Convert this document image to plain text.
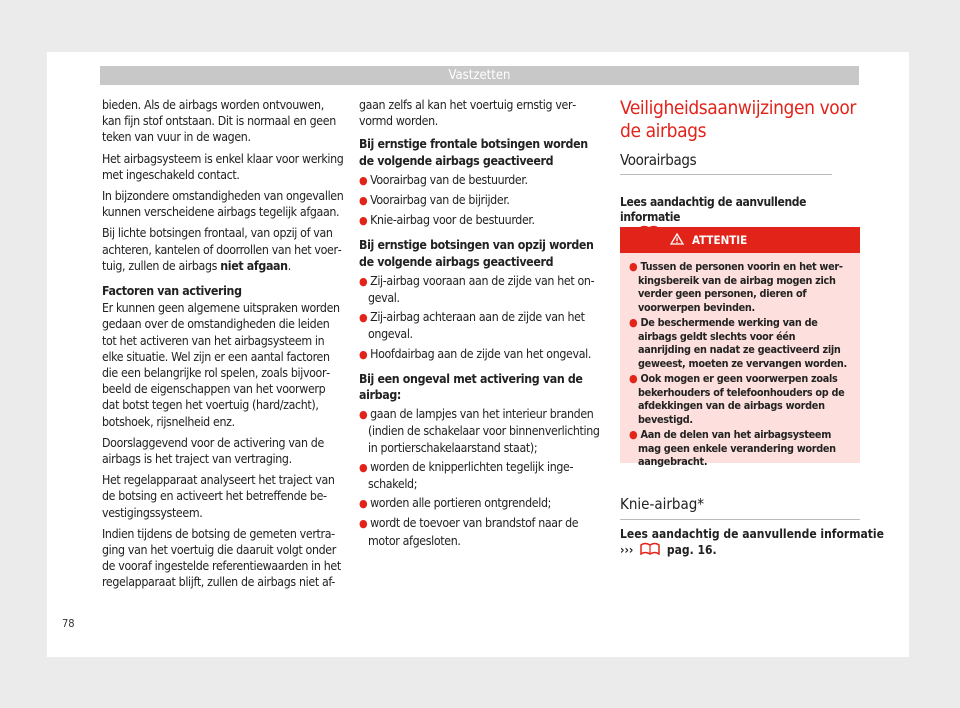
Vastzetten

bieden. Als de airbags worden ontvouwen, kan fijn stof ontstaan. Dit is normaal en geen teken van vuur in de wagen.

Het airbagsysteem is enkel klaar voor werking met ingeschakeld contact.

In bijzondere omstandigheden van ongevallen kunnen verscheidene airbags tegelijk afgaan.

Bij lichte botsingen frontaal, van opzij of van achteren, kantelen of doorrollen van het voertuig, zullen de airbags niet afgaan.

Factoren van activering

Er kunnen geen algemene uitspraken worden gedaan over de omstandigheden die leiden tot het activeren van het airbagsysteem in elke situatie. Wel zijn er een aantal factoren die een belangrijke rol spelen, zoals bijvoorbeeld de eigenschappen van het voorwerp dat botst tegen het voertuig (hard/zacht), botshoek, rijsnelheid enz.

Doorslaggevend voor de activering van de airbags is het traject van vertraging.

Het regelapparaat analyseert het traject van de botsing en activeert het betreffende bevestigingssysteem.

Indien tijdens de botsing de gemeten vertraging van het voertuig die daaruit volgt onder de vooraf ingestelde referentiewaarden in het regelapparaat blijft, zullen de airbags niet af-

gaan zelfs al kan het voertuig ernstig vervormd worden.

Bij ernstige frontale botsingen worden de volgende airbags geactiveerd

● Voorairbag van de bestuurder.
● Voorairbag van de bijrijder.
● Knie-airbag voor de bestuurder.

Bij ernstige botsingen van opzij worden de volgende airbags geactiveerd

● Zij-airbag vooraan aan de zijde van het ongeval.
● Zij-airbag achteraan aan de zijde van het ongeval.
● Hoofdairbag aan de zijde van het ongeval.

Bij een ongeval met activering van de airbag:

● gaan de lampjes van het interieur branden (indien de schakelaar voor binnenverlichting in portierschakelaarstand staat);
● worden de knipperlichten tegelijk ingeschakeld;
● worden alle portieren ontgrendeld;
● wordt de toevoer van brandstof naar de motor afgesloten.
Veiligheidsaanwijzingen voor de airbags
Voorairbags
Lees aandachtig de aanvullende informatie
ATTENTIE
● Tussen de personen voorin en het werkingsbereik van de airbag mogen zich verder geen personen, dieren of voorwerpen bevinden.
● De beschermende werking van de airbags geldt slechts voor één aanrijding en nadat ze geactiveerd zijn geweest, moeten ze vervangen worden.
● Ook mogen er geen voorwerpen zoals bekerhouders of telefoonhouders op de afdekkingen van de airbags worden bevestigd.
● Aan de delen van het airbagsysteem mag geen enkele verandering worden aangebracht.
Knie-airbag*
Lees aandachtig de aanvullende informatie
›››	pag. 16.
78
